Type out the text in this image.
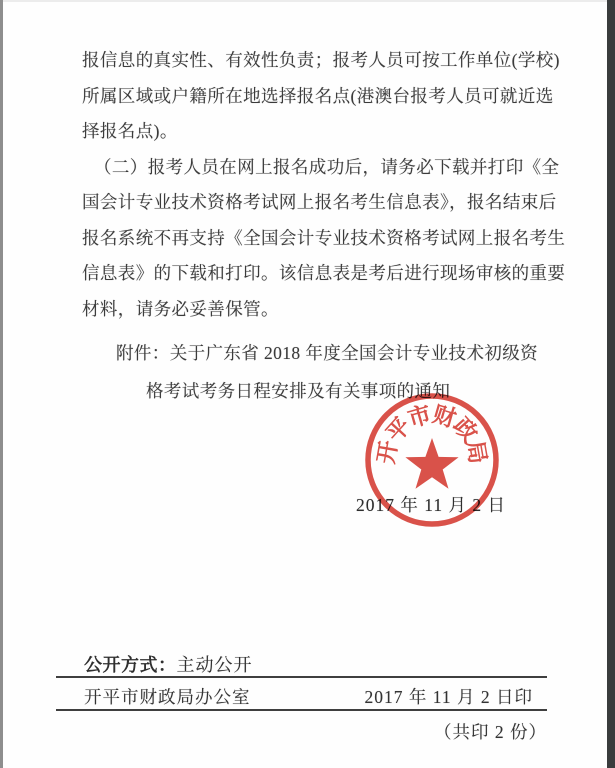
报信息的真实性、有效性负责；报考人员可按工作单位(学校)
所属区域或户籍所在地选择报名点(港澳台报考人员可就近选
择报名点)。
（二）报考人员在网上报名成功后，请务必下载并打印《全
国会计专业技术资格考试网上报名考生信息表》，报名结束后
报名系统不再支持《全国会计专业技术资格考试网上报名考生
信息表》的下载和打印。该信息表是考后进行现场审核的重要
材料，请务必妥善保管。
附件：关于广东省 2018 年度全国会计专业技术初级资
格考试考务日程安排及有关事项的通知
2017 年 11 月 2 日
开
平
市
财
政
局
公开方式：主动公开
开平市财政局办公室	2017 年 11 月 2 日印
（共印 2 份）
